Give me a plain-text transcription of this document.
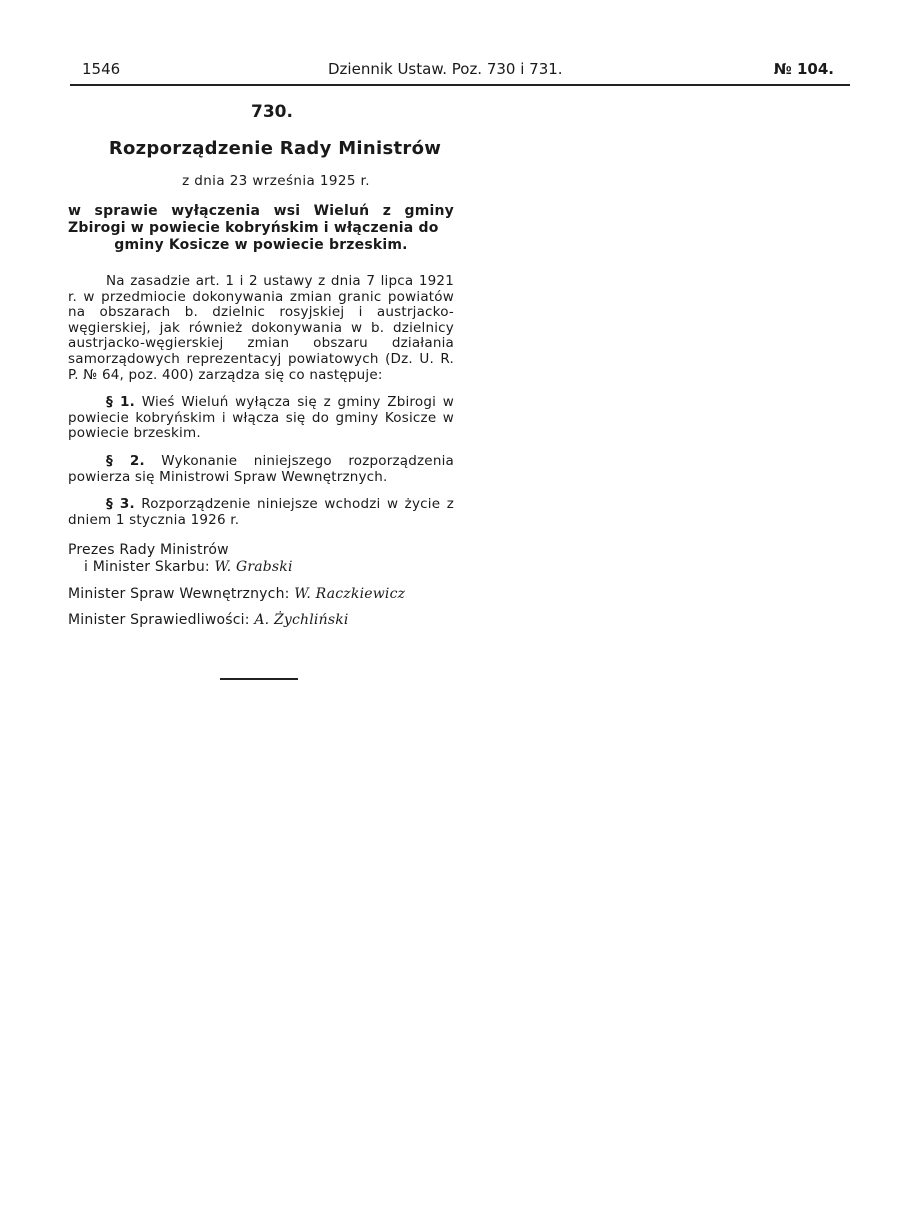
1546	Dziennik Ustaw. Poz. 730 i 731.	№ 104.
730.
Rozporządzenie Rady Ministrów
z dnia 23 września 1925 r.
w sprawie wyłączenia wsi Wieluń z gminy Zbirogi w powiecie kobryńskim i włączenia do
gminy Kosicze w powiecie brzeskim.
Na zasadzie art. 1 i 2 ustawy z dnia 7 lipca 1921 r. w przedmiocie dokonywania zmian granic powiatów na obszarach b. dzielnic rosyjskiej i austrjacko-węgierskiej, jak również dokonywania w b. dzielnicy austrjacko-węgierskiej zmian obszaru działania samorządowych reprezentacyj powiatowych (Dz. U. R. P. № 64, poz. 400) zarządza się co następuje:
§ 1. Wieś Wieluń wyłącza się z gminy Zbirogi w powiecie kobryńskim i włącza się do gminy Kosicze w powiecie brzeskim.
§ 2. Wykonanie niniejszego rozporządzenia powierza się Ministrowi Spraw Wewnętrznych.
§ 3. Rozporządzenie niniejsze wchodzi w życie z dniem 1 stycznia 1926 r.
Prezes Rady Ministrów
i Minister Skarbu: W. Grabski
Minister Spraw Wewnętrznych: W. Raczkiewicz
Minister Sprawiedliwości: A. Żychliński
